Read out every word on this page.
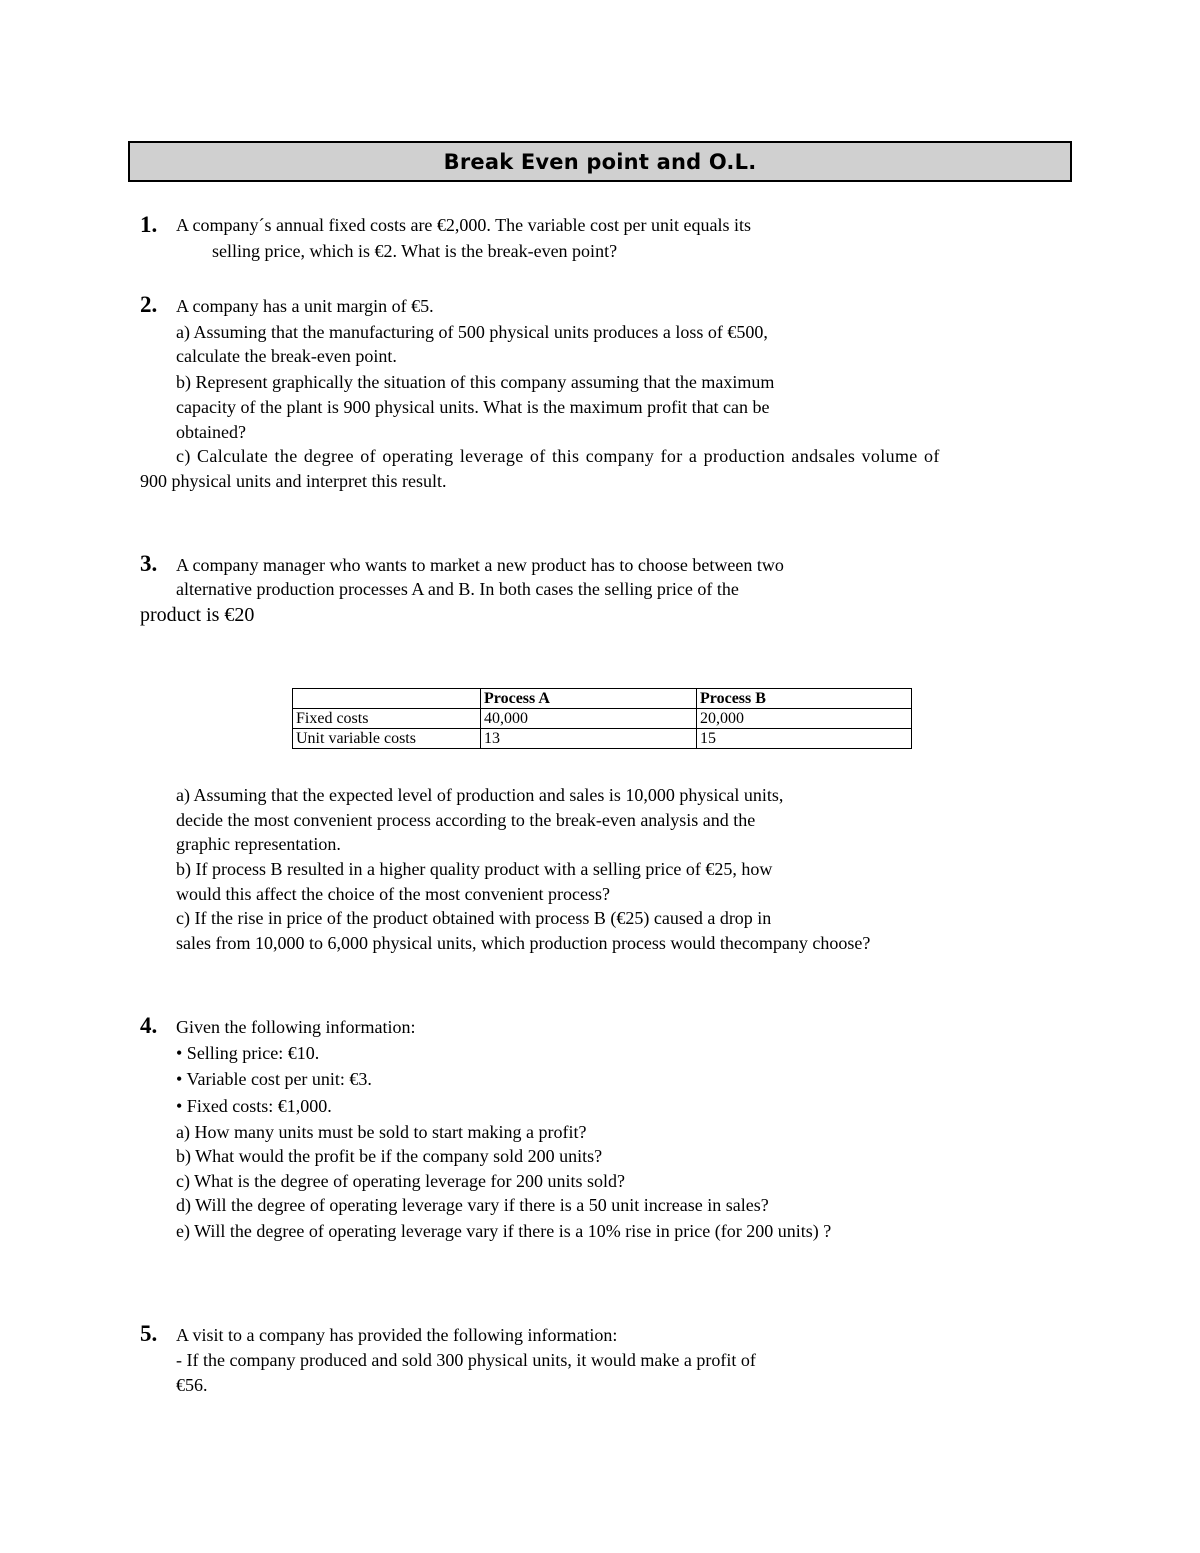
Break Even point and O.L.
1. A company´s annual fixed costs are €2,000. The variable cost per unit equals its
selling price, which is €2. What is the break-even point?
2. A company has a unit margin of €5.
a) Assuming that the manufacturing of 500 physical units produces a loss of €500,
calculate the break-even point.
b) Represent graphically the situation of this company assuming that the maximum
capacity of the plant is 900 physical units. What is the maximum profit that can be
obtained?
c) Calculate the degree of operating leverage of this company for a production andsales volume of
900 physical units and interpret this result.
3. A company manager who wants to market a new product has to choose between two
alternative production processes A and B. In both cases the selling price of the
product is €20
	Process A	Process B
Fixed costs	40,000	20,000
Unit variable costs	13	15
a) Assuming that the expected level of production and sales is 10,000 physical units,
decide the most convenient process according to the break-even analysis and the
graphic representation.
b) If process B resulted in a higher quality product with a selling price of €25, how
would this affect the choice of the most convenient process?
c) If the rise in price of the product obtained with process B (€25) caused a drop in
sales from 10,000 to 6,000 physical units, which production process would thecompany choose?
4. Given the following information:
• Selling price: €10.
• Variable cost per unit: €3.
• Fixed costs: €1,000.
a) How many units must be sold to start making a profit?
b) What would the profit be if the company sold 200 units?
c) What is the degree of operating leverage for 200 units sold?
d) Will the degree of operating leverage vary if there is a 50 unit increase in sales?
e) Will the degree of operating leverage vary if there is a 10% rise in price (for 200 units) ?
5. A visit to a company has provided the following information:
- If the company produced and sold 300 physical units, it would make a profit of
€56.
